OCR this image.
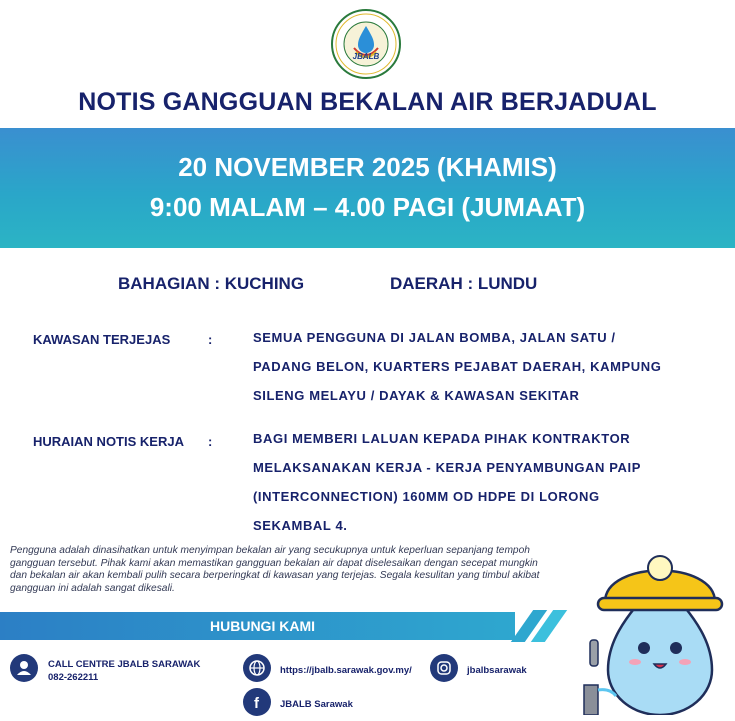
JBALB
NOTIS GANGGUAN BEKALAN AIR BERJADUAL
20 NOVEMBER 2025 (KHAMIS)
9:00 MALAM – 4.00 PAGI (JUMAAT)
BAHAGIAN : KUCHING	DAERAH : LUNDU
KAWASAN TERJEJAS	:	SEMUA PENGGUNA DI JALAN BOMBA, JALAN SATU /
PADANG BELON, KUARTERS PEJABAT DAERAH, KAMPUNG
SILENG MELAYU / DAYAK & KAWASAN SEKITAR
HURAIAN NOTIS KERJA :	BAGI MEMBERI LALUAN KEPADA PIHAK KONTRAKTOR
MELAKSANAKAN KERJA - KERJA PENYAMBUNGAN PAIP
(INTERCONNECTION) 160MM OD HDPE DI LORONG
SEKAMBAL 4.
Pengguna adalah dinasihatkan untuk menyimpan bekalan air yang secukupnya untuk keperluan sepanjang tempoh gangguan tersebut. Pihak kami akan memastikan gangguan bekalan air dapat diselesaikan dengan secepat mungkin dan bekalan air akan kembali pulih secara berperingkat di kawasan yang terjejas. Segala kesulitan yang timbul akibat gangguan ini adalah sangat dikesali.
HUBUNGI KAMI
CALL CENTRE JBALB SARAWAK
082-262211
https://jbalb.sarawak.gov.my/	jbalbsarawak
f JBALB Sarawak
